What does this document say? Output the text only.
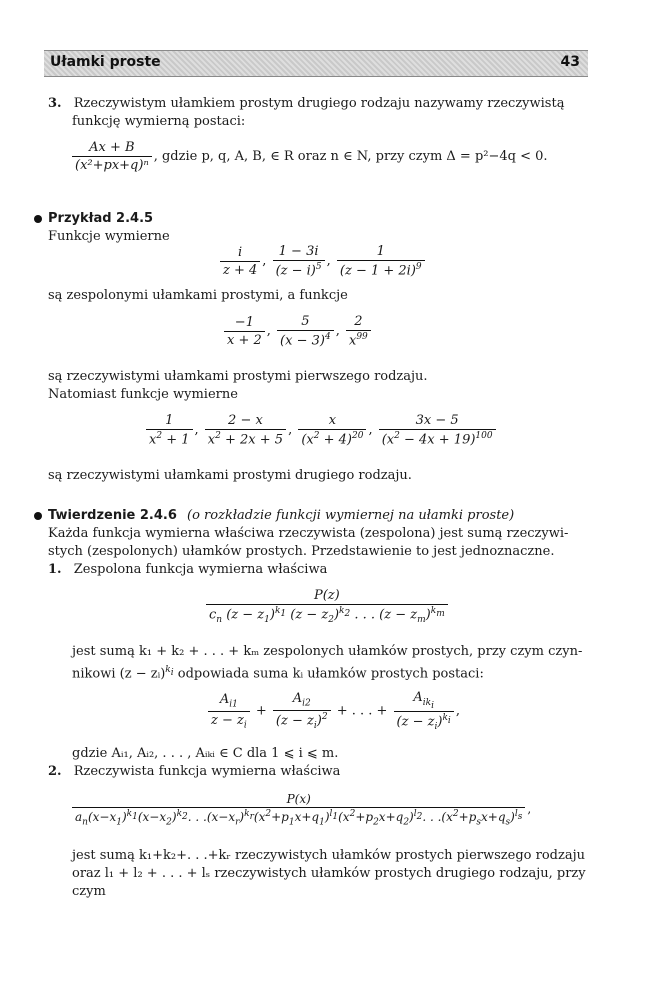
Ułamki proste	43
3. Rzeczywistym ułamkiem prostym drugiego rodzaju nazywamy rzeczywistą
funkcję wymierną postaci:
$\frac{Ax + B}{\text{(x²+px+q)ⁿ}}$ , gdzie p, q, A, B, ∈ R oraz n ∈ N, przy czym Δ = p²−4q < 0.
Przykład 2.4.5
Funkcje wymierne
$\frac{i}{z + 4}$ , $\frac{1 - 3i}{(z - i)^5}$ , $\frac{1}{(z - 1 + 2i)^9}$
są zespolonymi ułamkami prostymi, a funkcje
$\frac{-1}{x + 2}$ , $\frac{5}{(x - 3)^4}$ , $\frac{2}{x^{99}}$
są rzeczywistymi ułamkami prostymi pierwszego rodzaju.
Natomiast funkcje wymierne
$\frac{1}{x^2 + 1}$ , $\frac{2 - x}{x^2 + 2x + 5}$ , $\frac{x}{(x^2 + 4)^{20}}$ , $\frac{3x - 5}{(x^2 - 4x + 19)^{100}}$
są rzeczywistymi ułamkami prostymi drugiego rodzaju.
Twierdzenie 2.4.6 (o rozkładzie funkcji wymiernej na ułamki proste)
Każda funkcja wymierna właściwa rzeczywista (zespolona) jest sumą rzeczywi-
stych (zespolonych) ułamków prostych. Przedstawienie to jest jednoznaczne.
1. Zespolona funkcja wymierna właściwa
$\frac{P(z)}{c_n (z - z_1)^{k_1} (z - z_2)^{k_2} . . . (z - z_m)^{k_m}}$
jest sumą k₁ + k₂ + . . . + kₘ zespolonych ułamków prostych, przy czym czyn-
nikowi (z − zᵢ)$^{k_i}$ odpowiada suma kᵢ ułamków prostych postaci:
$\frac{A_{i1}}{z - z_i} + \frac{A_{i2}}{(z - z_i)^2}$ + . . . + $\frac{A_{ik_i}}{(z - z_i)^{k_i}}$ ,
gdzie Aᵢ₁, Aᵢ₂, . . . , Aᵢₖᵢ ∈ C dla 1 ⩽ i ⩽ m.
2. Rzeczywista funkcja wymierna właściwa
P(x)
$a_n(x-x_1)^{k_1}(x-x_2)^{k_2}$. . $.(x-x_r)^{k_r}(x^2+p_1x+q_1)^{l_1}(x^2+p_2x+q_2)^{l_2}$. . $.(x^2+p_sx+q_s)^{l_s}$
,
jest sumą k₁+k₂+. . .+kᵣ rzeczywistych ułamków prostych pierwszego rodzaju
oraz l₁ + l₂ + . . . + lₛ rzeczywistych ułamków prostych drugiego rodzaju, przy
czym
